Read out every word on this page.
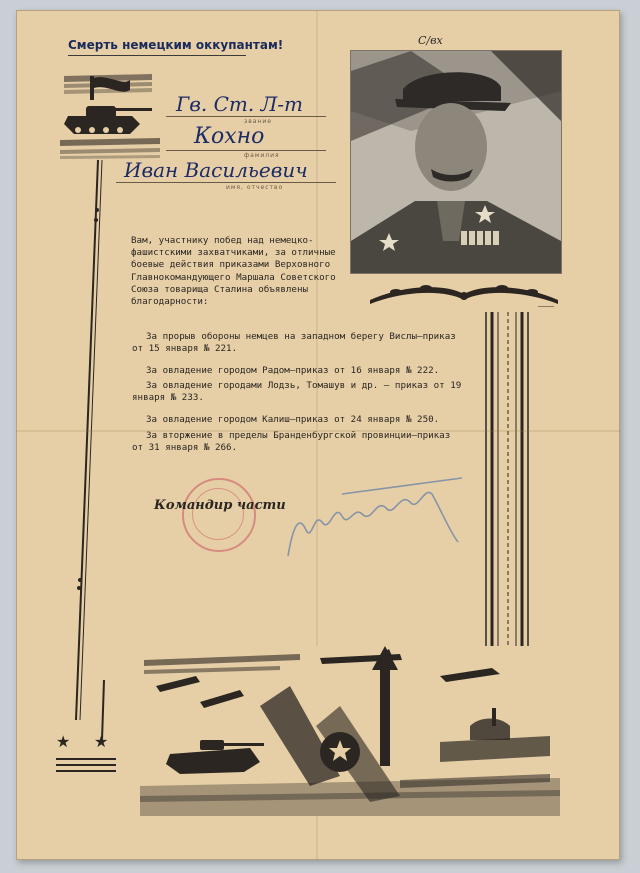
Смерть немецким оккупантам!	С/вх
★ ★
Гв. Ст. Л-т
звание
Кохно
фамилия
Иван Васильевич
имя, отчество

Вам, участнику побед над немецко-фашистскими захватчиками, за отличные боевые действия приказами Верховного Главнокомандующего Маршала Советского Союза товарища Сталина объявлены благодарности:

За прорыв обороны немцев на западном берегу Вислы—приказ от 15 января № 221.

За овладение городом Радом—приказ от 16 января № 222.

За овладение городами Лодзь, Томашув и др. — приказ от 19 января № 233.

За овладение городом Калиш—приказ от 24 января № 250.

За вторжение в пределы Бранденбургской провинции—приказ от 31 января № 266.

Командир части
